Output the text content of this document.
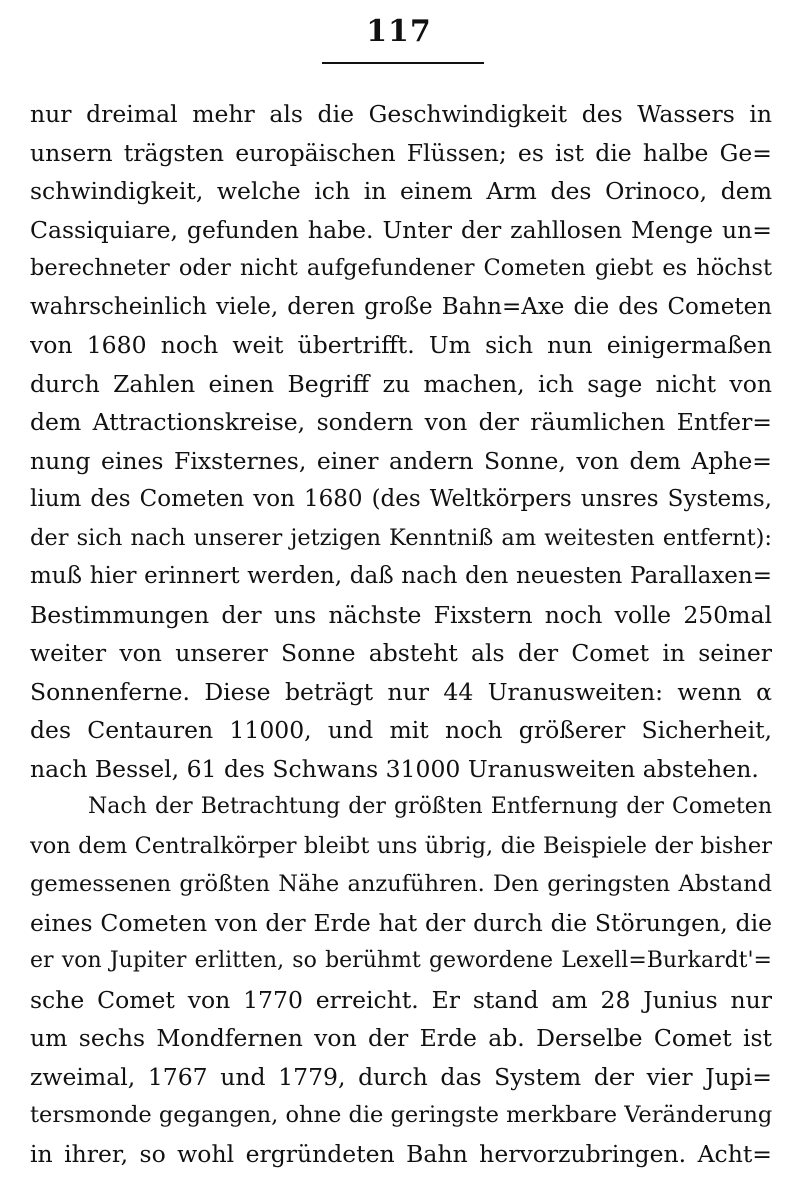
117
nur dreimal mehr als die Geschwindigkeit des Wassers in
unsern trägsten europäischen Flüssen; es ist die halbe Ge=
schwindigkeit, welche ich in einem Arm des Orinoco, dem
Cassiquiare, gefunden habe. Unter der zahllosen Menge un=
berechneter oder nicht aufgefundener Cometen giebt es höchst
wahrscheinlich viele, deren große Bahn=Axe die des Cometen
von 1680 noch weit übertrifft. Um sich nun einigermaßen
durch Zahlen einen Begriff zu machen, ich sage nicht von
dem Attractionskreise, sondern von der räumlichen Entfer=
nung eines Fixsternes, einer andern Sonne, von dem Aphe=
lium des Cometen von 1680 (des Weltkörpers unsres Systems,
der sich nach unserer jetzigen Kenntniß am weitesten entfernt):
muß hier erinnert werden, daß nach den neuesten Parallaxen=
Bestimmungen der uns nächste Fixstern noch volle 250mal
weiter von unserer Sonne absteht als der Comet in seiner
Sonnenferne. Diese beträgt nur 44 Uranusweiten: wenn α
des Centauren 11000, und mit noch größerer Sicherheit,
nach Bessel, 61 des Schwans 31000 Uranusweiten abstehen.
Nach der Betrachtung der größten Entfernung der Cometen
von dem Centralkörper bleibt uns übrig, die Beispiele der bisher
gemessenen größten Nähe anzuführen. Den geringsten Abstand
eines Cometen von der Erde hat der durch die Störungen, die
er von Jupiter erlitten, so berühmt gewordene Lexell=Burkardt'=
sche Comet von 1770 erreicht. Er stand am 28 Junius nur
um sechs Mondfernen von der Erde ab. Derselbe Comet ist
zweimal, 1767 und 1779, durch das System der vier Jupi=
tersmonde gegangen, ohne die geringste merkbare Veränderung
in ihrer, so wohl ergründeten Bahn hervorzubringen. Acht=
